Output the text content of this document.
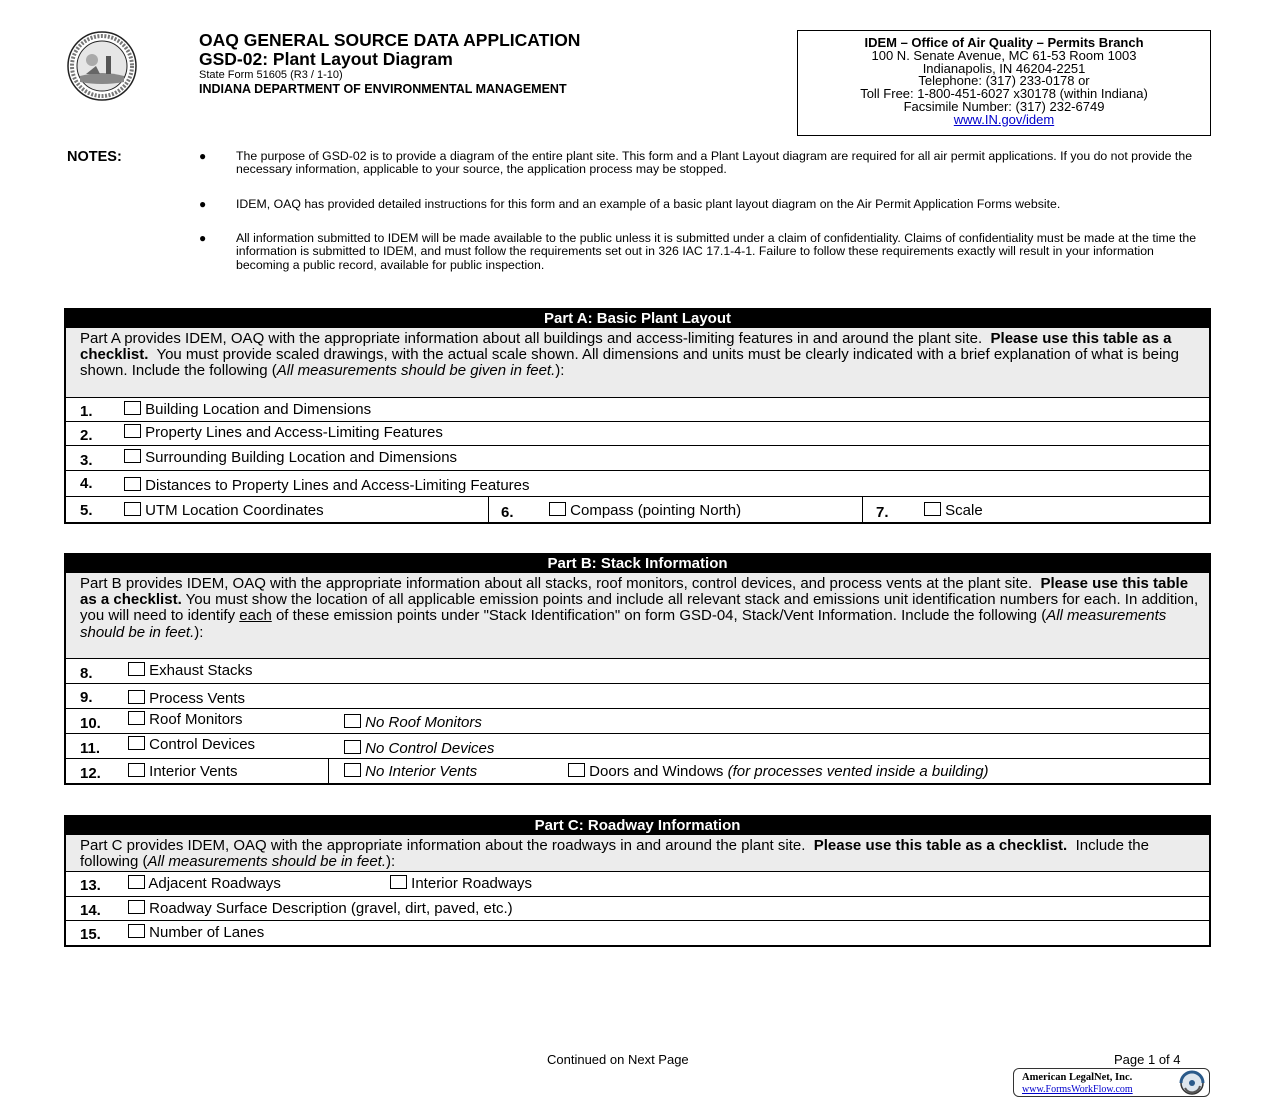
OAQ GENERAL SOURCE DATA APPLICATION
GSD-02: Plant Layout Diagram
State Form 51605 (R3 / 1-10)
INDIANA DEPARTMENT OF ENVIRONMENTAL MANAGEMENT
IDEM – Office of Air Quality – Permits Branch
100 N. Senate Avenue, MC 61-53 Room 1003
Indianapolis, IN 46204-2251
Telephone: (317) 233-0178 or
Toll Free: 1-800-451-6027 x30178 (within Indiana)
Facsimile Number: (317) 232-6749
www.IN.gov/idem
NOTES:	● The purpose of GSD-02 is to provide a diagram of the entire plant site. This form and a Plant Layout diagram are required for all air permit applications. If you do not provide the necessary information, applicable to your source, the application process may be stopped.
● IDEM, OAQ has provided detailed instructions for this form and an example of a basic plant layout diagram on the Air Permit Application Forms website.
● All information submitted to IDEM will be made available to the public unless it is submitted under a claim of confidentiality. Claims of confidentiality must be made at the time the information is submitted to IDEM, and must follow the requirements set out in 326 IAC 17.1-4-1. Failure to follow these requirements exactly will result in your information becoming a public record, available for public inspection.
Part A: Basic Plant Layout
Part A provides IDEM, OAQ with the appropriate information about all buildings and access-limiting features in and around the plant site. Please use this table as a checklist. You must provide scaled drawings, with the actual scale shown. All dimensions and units must be clearly indicated with a brief explanation of what is being shown. Include the following (All measurements should be given in feet.):
1.	Building Location and Dimensions
2.	Property Lines and Access-Limiting Features
3.	Surrounding Building Location and Dimensions
4.	Distances to Property Lines and Access-Limiting Features
5.	UTM Location Coordinates	6.	Compass (pointing North)	7.	Scale
Part B: Stack Information
Part B provides IDEM, OAQ with the appropriate information about all stacks, roof monitors, control devices, and process vents at the plant site. Please use this table as a checklist. You must show the location of all applicable emission points and include all relevant stack and emissions unit identification numbers for each. In addition, you will need to identify each of these emission points under "Stack Identification" on form GSD-04, Stack/Vent Information. Include the following (All measurements should be in feet.):
8.	Exhaust Stacks
9.	Process Vents
10.	Roof Monitors	No Roof Monitors
11.	Control Devices	No Control Devices
12.	Interior Vents	No Interior Vents	Doors and Windows (for processes vented inside a building)
Part C: Roadway Information
Part C provides IDEM, OAQ with the appropriate information about the roadways in and around the plant site. Please use this table as a checklist. Include the following (All measurements should be in feet.):
13.	Adjacent Roadways	Interior Roadways
14.	Roadway Surface Description (gravel, dirt, paved, etc.)
15.	Number of Lanes
Continued on Next Page	Page 1 of 4
American LegalNet, Inc.
www.FormsWorkFlow.com
